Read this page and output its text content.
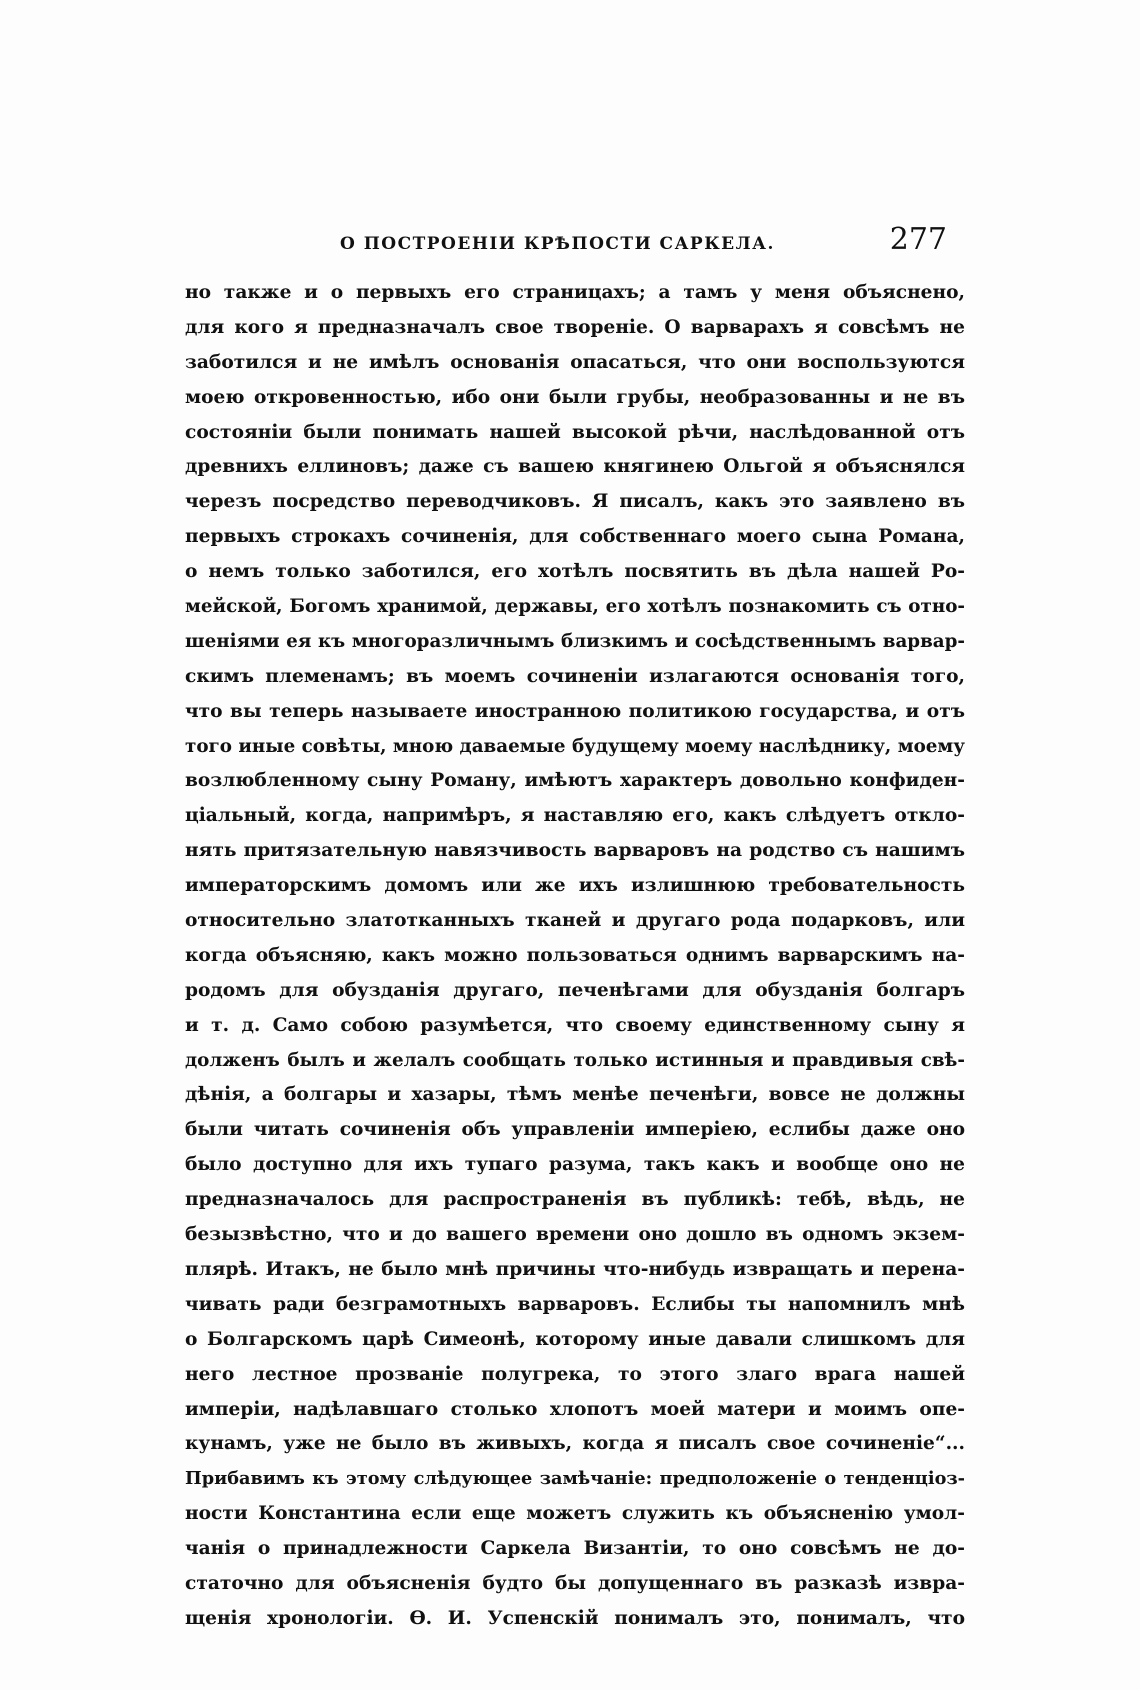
О ПОСТРОЕНІИ КРѢПОСТИ САРКЕЛА.	277
но также и о первыхъ его страницахъ; а тамъ у меня объяснено,
для кого я предназначалъ свое твореніе. О варварахъ я совсѣмъ не
заботился и не имѣлъ основанія опасаться, что они воспользуются
моею откровенностью, ибо они были грубы, необразованны и не въ
состояніи были понимать нашей высокой рѣчи, наслѣдованной отъ
древнихъ еллиновъ; даже съ вашею княгинею Ольгой я объяснялся
черезъ посредство переводчиковъ. Я писалъ, какъ это заявлено въ
первыхъ строкахъ сочиненія, для собственнаго моего сына Романа,
о немъ только заботился, его хотѣлъ посвятить въ дѣла нашей Ро-
мейской, Богомъ хранимой, державы, его хотѣлъ познакомить съ отно-
шеніями ея къ многоразличнымъ близкимъ и сосѣдственнымъ варвар-
скимъ племенамъ; въ моемъ сочиненіи излагаются основанія того,
что вы теперь называете иностранною политикою государства, и отъ
того иные совѣты, мною даваемые будущему моему наслѣднику, моему
возлюбленному сыну Роману, имѣютъ характеръ довольно конфиден-
ціальный, когда, напримѣръ, я наставляю его, какъ слѣдуетъ откло-
нять притязательную навязчивость варваровъ на родство съ нашимъ
императорскимъ домомъ или же ихъ излишнюю требовательность
относительно златотканныхъ тканей и другаго рода подарковъ, или
когда объясняю, какъ можно пользоваться однимъ варварскимъ на-
родомъ для обузданія другаго, печенѣгами для обузданія болгаръ
и т. д. Само собою разумѣется, что своему единственному сыну я
долженъ былъ и желалъ сообщать только истинныя и правдивыя свѣ-
дѣнія, а болгары и хазары, тѣмъ менѣе печенѣги, вовсе не должны
были читать сочиненія объ управленіи имперіею, еслибы даже оно
было доступно для ихъ тупаго разума, такъ какъ и вообще оно не
предназначалось для распространенія въ публикѣ: тебѣ, вѣдь, не
безызвѣстно, что и до вашего времени оно дошло въ одномъ экзем-
плярѣ. Итакъ, не было мнѣ причины что-нибудь извращать и перена-
чивать ради безграмотныхъ варваровъ. Еслибы ты напомнилъ мнѣ
о Болгарскомъ царѣ Симеонѣ, которому иные давали слишкомъ для
него лестное прозваніе полугрека, то этого злаго врага нашей
имперіи, надѣлавшаго столько хлопотъ моей матери и моимъ опе-
кунамъ, уже не было въ живыхъ, когда я писалъ свое сочиненіе“...
Прибавимъ къ этому слѣдующее замѣчаніе: предположеніе о тенденціоз-
ности Константина если еще можетъ служить къ объясненію умол-
чанія о принадлежности Саркела Византіи, то оно совсѣмъ не до-
статочно для объясненія будто бы допущеннаго въ разказѣ извра-
щенія хронологіи. Ѳ. И. Успенскій понималъ это, понималъ, что
